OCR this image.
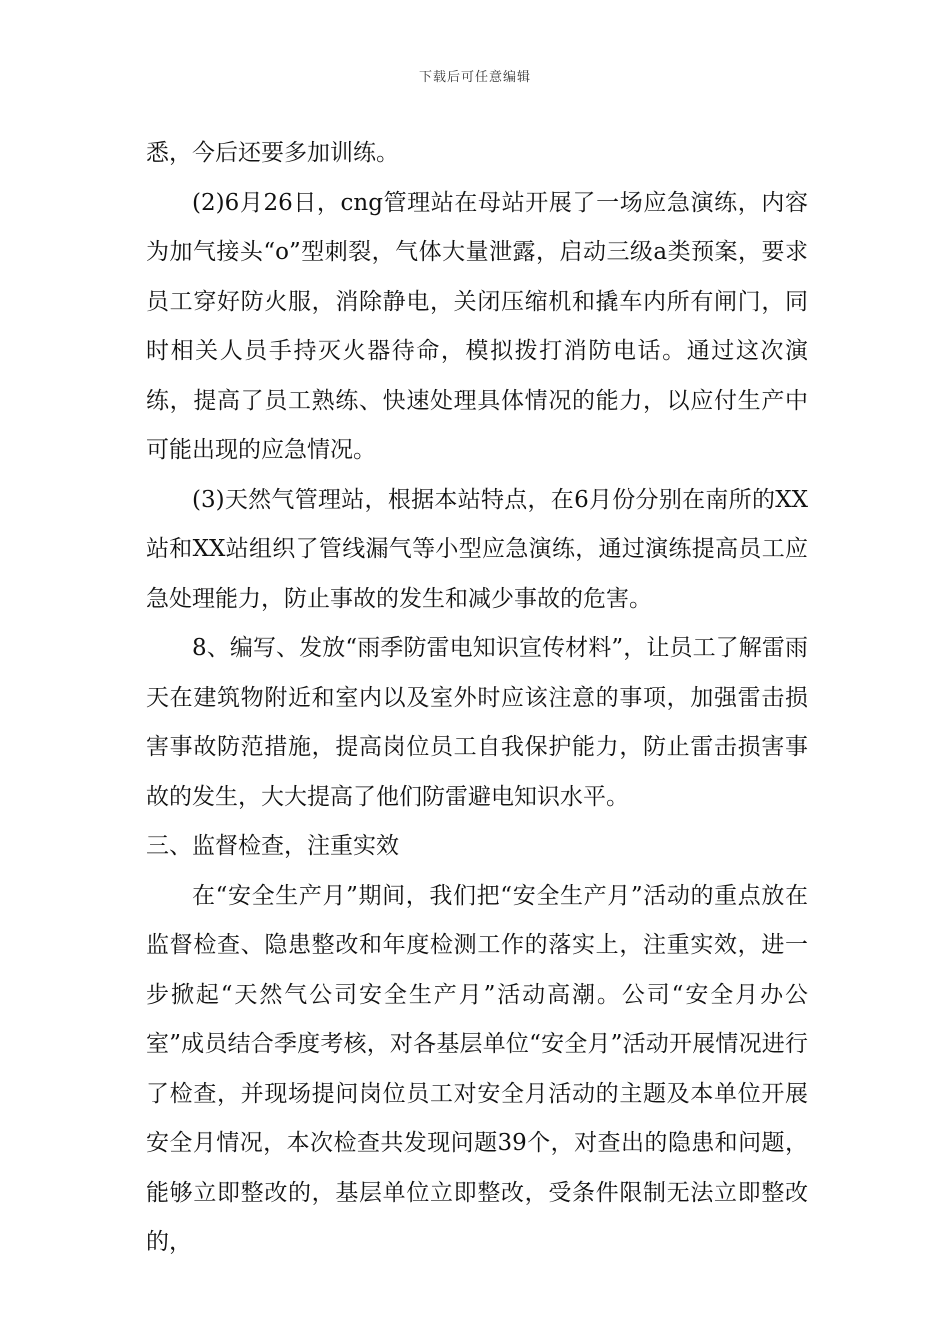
下载后可任意编辑

悉，今后还要多加训练。

(2)6月26日，cng管理站在母站开展了一场应急演练，内容为加气接头“o”型刺裂，气体大量泄露，启动三级a类预案，要求员工穿好防火服，消除静电，关闭压缩机和撬车内所有闸门，同时相关人员手持灭火器待命，模拟拨打消防电话。通过这次演练，提高了员工熟练、快速处理具体情况的能力，以应付生产中可能出现的应急情况。

(3)天然气管理站，根据本站特点，在6月份分别在南所的XX站和XX站组织了管线漏气等小型应急演练，通过演练提高员工应急处理能力，防止事故的发生和减少事故的危害。

8、编写、发放“雨季防雷电知识宣传材料”，让员工了解雷雨天在建筑物附近和室内以及室外时应该注意的事项，加强雷击损害事故防范措施，提高岗位员工自我保护能力，防止雷击损害事故的发生，大大提高了他们防雷避电知识水平。

三、监督检查，注重实效

在“安全生产月”期间，我们把“安全生产月”活动的重点放在监督检查、隐患整改和年度检测工作的落实上，注重实效，进一步掀起“天然气公司安全生产月”活动高潮。公司“安全月办公室”成员结合季度考核，对各基层单位“安全月”活动开展情况进行了检查，并现场提问岗位员工对安全月活动的主题及本单位开展安全月情况，本次检查共发现问题39个，对查出的隐患和问题，能够立即整改的，基层单位立即整改，受条件限制无法立即整改的，
